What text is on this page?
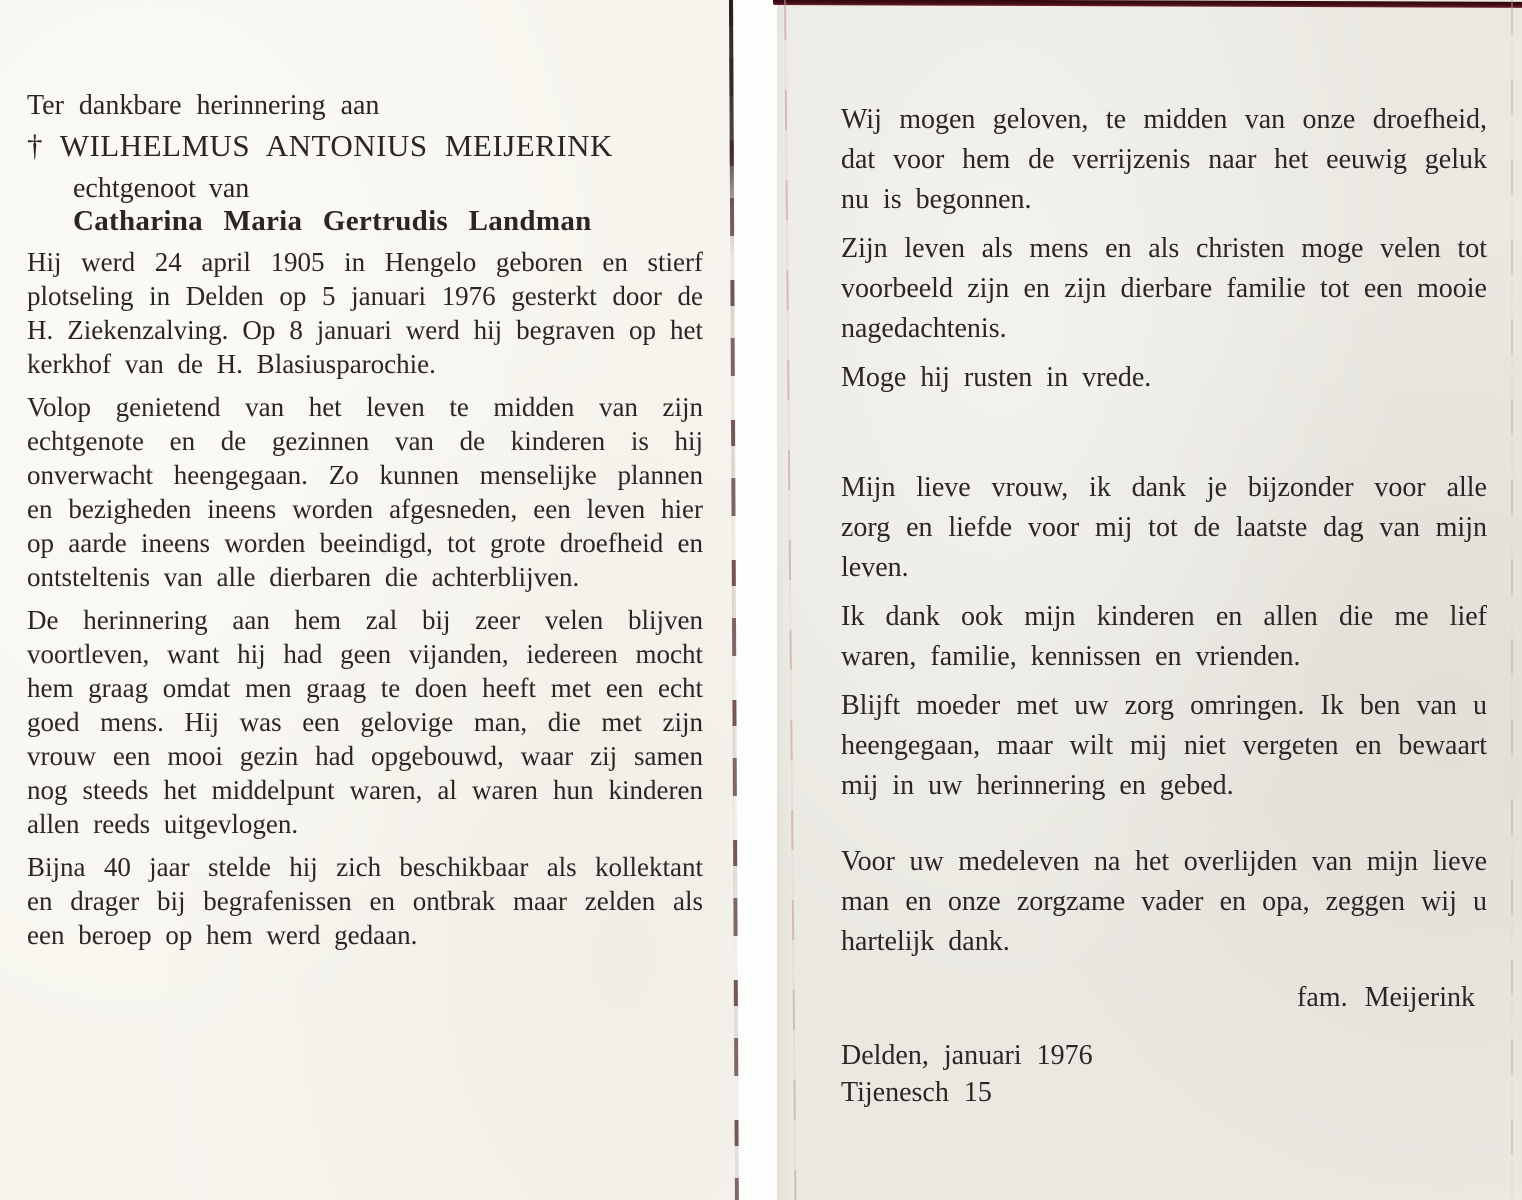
Ter dankbare herinnering aan
† WILHELMUS ANTONIUS MEIJERINK
echtgenoot van
Catharina Maria Gertrudis Landman

Hij werd 24 april 1905 in Hengelo geboren en stierf plotseling in Delden op 5 januari 1976 gesterkt door de H. Ziekenzalving. Op 8 januari werd hij begraven op het kerkhof van de H. Blasiusparochie.

Volop genietend van het leven te midden van zijn echtgenote en de gezinnen van de kinderen is hij onverwacht heengegaan. Zo kunnen menselijke plannen en bezigheden ineens worden afgesneden, een leven hier op aarde ineens worden beeindigd, tot grote droefheid en ontsteltenis van alle dierbaren die achterblijven.

De herinnering aan hem zal bij zeer velen blijven voortleven, want hij had geen vijanden, iedereen mocht hem graag omdat men graag te doen heeft met een echt goed mens. Hij was een gelovige man, die met zijn vrouw een mooi gezin had opgebouwd, waar zij samen nog steeds het middelpunt waren, al waren hun kinderen allen reeds uitgevlogen.

Bijna 40 jaar stelde hij zich beschikbaar als kollektant en drager bij begrafenissen en ontbrak maar zelden als een beroep op hem werd gedaan.

Wij mogen geloven, te midden van onze droefheid, dat voor hem de verrijzenis naar het eeuwig geluk nu is begonnen.

Zijn leven als mens en als christen moge velen tot voorbeeld zijn en zijn dierbare familie tot een mooie nagedachtenis.

Moge hij rusten in vrede.

Mijn lieve vrouw, ik dank je bijzonder voor alle zorg en liefde voor mij tot de laatste dag van mijn leven.

Ik dank ook mijn kinderen en allen die me lief waren, familie, kennissen en vrienden.

Blijft moeder met uw zorg omringen. Ik ben van u heengegaan, maar wilt mij niet vergeten en bewaart mij in uw herinnering en gebed.

Voor uw medeleven na het overlijden van mijn lieve man en onze zorgzame vader en opa, zeggen wij u hartelijk dank.

fam. Meijerink
Delden, januari 1976
Tijenesch 15
